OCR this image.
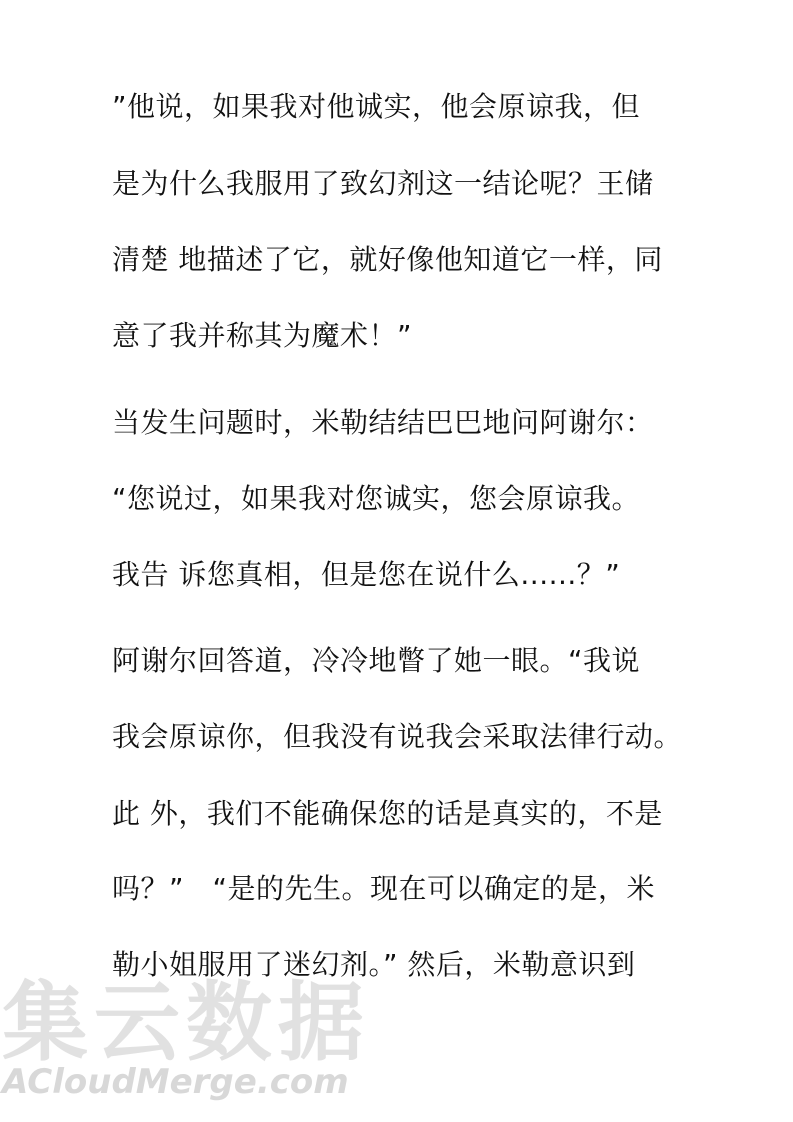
”他说，如果我对他诚实，他会原谅我，但
是为什么我服用了致幻剂这一结论呢？王储
清楚 地描述了它，就好像他知道它一样，同
意了我并称其为魔术！”
当发生问题时，米勒结结巴巴地问阿谢尔：
“您说过，如果我对您诚实，您会原谅我。
我告 诉您真相，但是您在说什么......？”
阿谢尔回答道，冷冷地瞥了她一眼。“我说
我会原谅你，但我没有说我会采取法律行动。
此 外，我们不能确保您的话是真实的，不是
吗？”　“是的先生。现在可以确定的是，米
勒小姐服用了迷幻剂。” 然后，米勒意识到
集云数据
ACloudMerge.com
